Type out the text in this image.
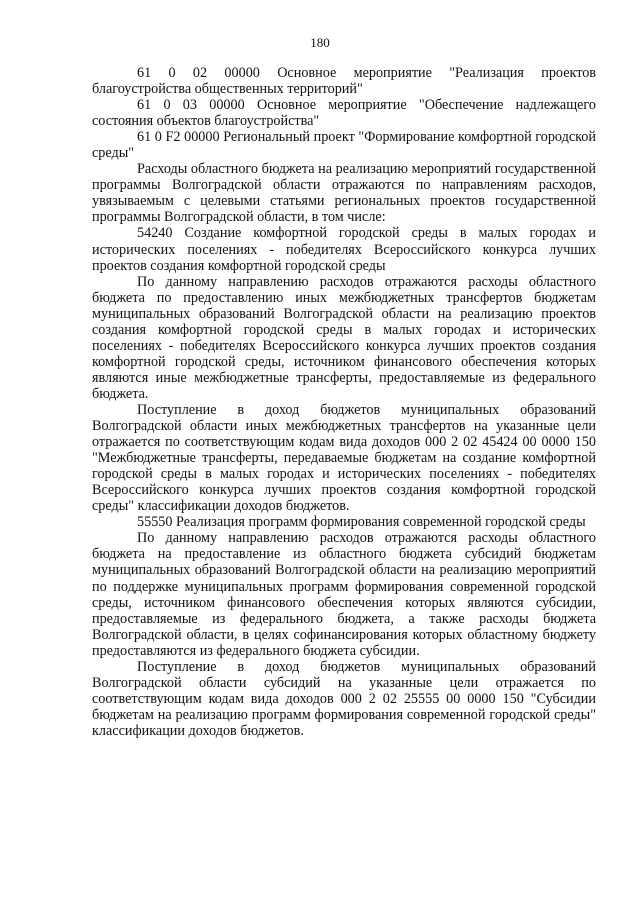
180

61 0 02 00000 Основное мероприятие "Реализация проектов благоустройства общественных территорий"

61 0 03 00000 Основное мероприятие "Обеспечение надлежащего состояния объектов благоустройства"

61 0 F2 00000 Региональный проект "Формирование комфортной городской среды"

Расходы областного бюджета на реализацию мероприятий государственной программы Волгоградской области отражаются по направлениям расходов, увязываемым с целевыми статьями региональных проектов государственной программы Волгоградской области, в том числе:

54240 Создание комфортной городской среды в малых городах и исторических поселениях - победителях Всероссийского конкурса лучших проектов создания комфортной городской среды

По данному направлению расходов отражаются расходы областного бюджета по предоставлению иных межбюджетных трансфертов бюджетам муниципальных образований Волгоградской области на реализацию проектов создания комфортной городской среды в малых городах и исторических поселениях - победителях Всероссийского конкурса лучших проектов создания комфортной городской среды, источником финансового обеспечения которых являются иные межбюджетные трансферты, предоставляемые из федерального бюджета.

Поступление в доход бюджетов муниципальных образований Волгоградской области иных межбюджетных трансфертов на указанные цели отражается по соответствующим кодам вида доходов 000 2 02 45424 00 0000 150 "Межбюджетные трансферты, передаваемые бюджетам на создание комфортной городской среды в малых городах и исторических поселениях - победителях Всероссийского конкурса лучших проектов создания комфортной городской среды" классификации доходов бюджетов.

55550 Реализация программ формирования современной городской среды

По данному направлению расходов отражаются расходы областного бюджета на предоставление из областного бюджета субсидий бюджетам муниципальных образований Волгоградской области на реализацию мероприятий по поддержке муниципальных программ формирования современной городской среды, источником финансового обеспечения которых являются субсидии, предоставляемые из федерального бюджета, а также расходы бюджета Волгоградской области, в целях софинансирования которых областному бюджету предоставляются из федерального бюджета субсидии.

Поступление в доход бюджетов муниципальных образований Волгоградской области субсидий на указанные цели отражается по соответствующим кодам вида доходов 000 2 02 25555 00 0000 150 "Субсидии бюджетам на реализацию программ формирования современной городской среды" классификации доходов бюджетов.
